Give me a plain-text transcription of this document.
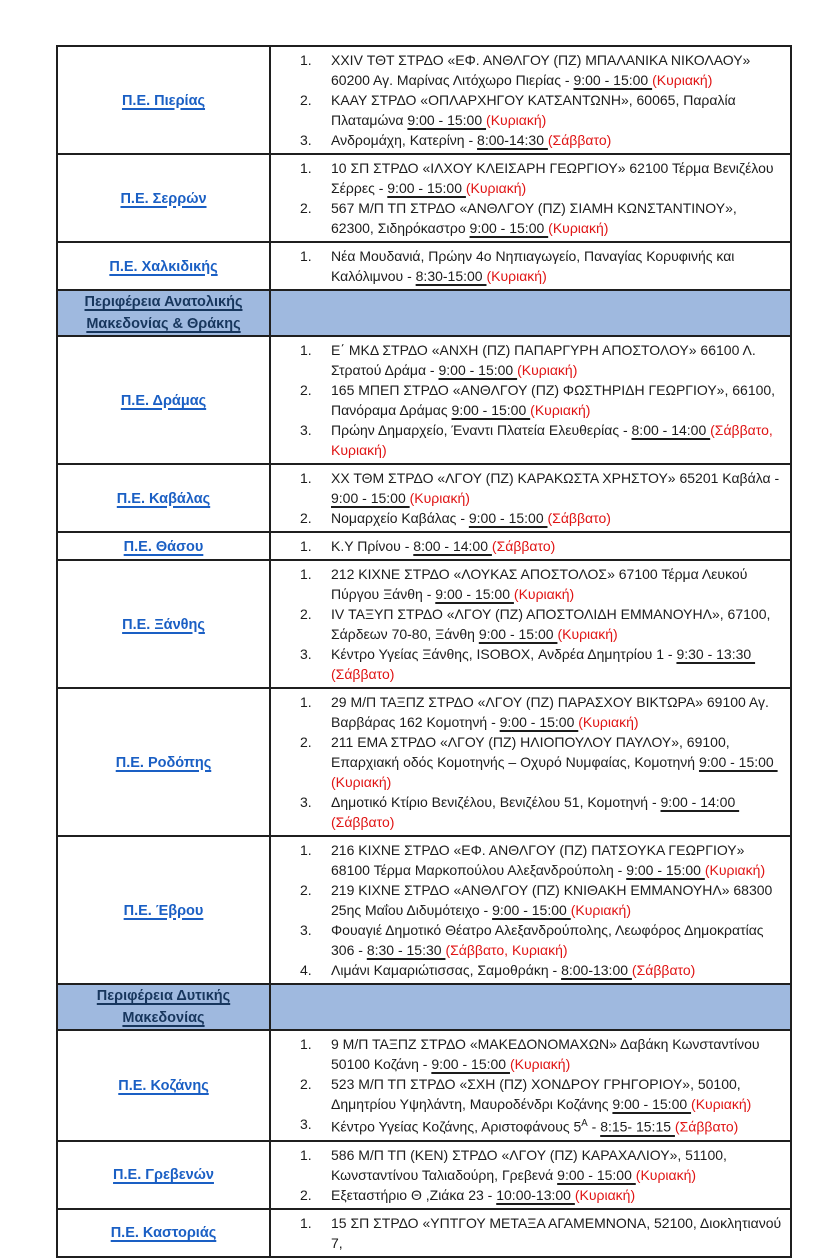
Π.Ε. Πιερίας	
XXIV ΤΘΤ ΣΤΡΔΟ «ΕΦ. ΑΝΘΛΓΟΥ (ΠΖ) ΜΠΑΛΑΝΙΚΑ ΝΙΚΟΛΑΟΥ» 60200 Αγ. Μαρίνας Λιτόχωρο Πιερίας - 9:00 - 15:00 (Κυριακή)
ΚΑΑΥ ΣΤΡΔΟ «ΟΠΛΑΡΧΗΓΟΥ ΚΑΤΣΑΝΤΩΝΗ», 60065, Παραλία Πλαταμώνα 9:00 - 15:00 (Κυριακή)
Ανδρομάχη, Κατερίνη - 8:00-14:30 (Σάββατο)

Π.Ε. Σερρών	
10 ΣΠ ΣΤΡΔΟ «ΙΛΧΟΥ ΚΛΕΙΣΑΡΗ ΓΕΩΡΓΙΟΥ» 62100 Τέρμα Βενιζέλου Σέρρες - 9:00 - 15:00 (Κυριακή)
567 Μ/Π ΤΠ ΣΤΡΔΟ «ΑΝΘΛΓΟΥ (ΠΖ) ΣΙΑΜΗ ΚΩΝΣΤΑΝΤΙΝΟΥ», 62300, Σιδηρόκαστρο 9:00 - 15:00 (Κυριακή)

Π.Ε. Χαλκιδικής	
Νέα Μουδανιά, Πρώην 4ο Νηπιαγωγείο, Παναγίας Κορυφινής και Καλόλιμνου - 8:30-15:00 (Κυριακή)

Περιφέρεια Ανατολικής Μακεδονίας & Θράκης	
Π.Ε. Δράμας	
Ε΄ ΜΚΔ ΣΤΡΔΟ «ΑΝΧΗ (ΠΖ) ΠΑΠΑΡΓΥΡΗ ΑΠΟΣΤΟΛΟΥ» 66100 Λ. Στρατού Δράμα - 9:00 - 15:00 (Κυριακή)
165 ΜΠΕΠ ΣΤΡΔΟ «ΑΝΘΛΓΟΥ (ΠΖ) ΦΩΣΤΗΡΙΔΗ ΓΕΩΡΓΙΟΥ», 66100, Πανόραμα Δράμας 9:00 - 15:00 (Κυριακή)
Πρώην Δημαρχείο, Έναντι Πλατεία Ελευθερίας - 8:00 - 14:00 (Σάββατο, Κυριακή)

Π.Ε. Καβάλας	
ΧΧ ΤΘΜ ΣΤΡΔΟ «ΛΓΟΥ (ΠΖ) ΚΑΡΑΚΩΣΤΑ ΧΡΗΣΤΟΥ» 65201 Καβάλα - 9:00 - 15:00 (Κυριακή)
Νομαρχείο Καβάλας - 9:00 - 15:00 (Σάββατο)

Π.Ε. Θάσου	Κ.Υ Πρίνου - 8:00 - 14:00 (Σάββατο)

Π.Ε. Ξάνθης	
212 ΚΙΧΝΕ ΣΤΡΔΟ «ΛΟΥΚΑΣ ΑΠΟΣΤΟΛΟΣ» 67100 Τέρμα Λευκού Πύργου Ξάνθη - 9:00 - 15:00 (Κυριακή)
IV ΤΑΞΥΠ ΣΤΡΔΟ «ΛΓΟΥ (ΠΖ) ΑΠΟΣΤΟΛΙΔΗ ΕΜΜΑΝΟΥΗΛ», 67100, Σάρδεων 70-80, Ξάνθη 9:00 - 15:00 (Κυριακή)
Κέντρο Υγείας Ξάνθης, ISOBOX, Ανδρέα Δημητρίου 1 - 9:30 - 13:30 (Σάββατο)

Π.Ε. Ροδόπης	
29 Μ/Π ΤΑΞΠΖ ΣΤΡΔΟ «ΛΓΟΥ (ΠΖ) ΠΑΡΑΣΧΟΥ ΒΙΚΤΩΡΑ» 69100 Αγ. Βαρβάρας 162 Κομοτηνή - 9:00 - 15:00 (Κυριακή)
211 ΕΜΑ ΣΤΡΔΟ «ΛΓΟΥ (ΠΖ) ΗΛΙΟΠΟΥΛΟΥ ΠΑΥΛΟΥ», 69100, Επαρχιακή οδός Κομοτηνής – Οχυρό Νυμφαίας, Κομοτηνή 9:00 - 15:00 (Κυριακή)
Δημοτικό Κτίριο Βενιζέλου, Βενιζέλου 51, Κομοτηνή - 9:00 - 14:00 (Σάββατο)

Π.Ε. Έβρου	
216 ΚΙΧΝΕ ΣΤΡΔΟ «ΕΦ. ΑΝΘΛΓΟΥ (ΠΖ) ΠΑΤΣΟΥΚΑ ΓΕΩΡΓΙΟΥ» 68100 Τέρμα Μαρκοπούλου Αλεξανδρούπολη - 9:00 - 15:00 (Κυριακή)
219 ΚΙΧΝΕ ΣΤΡΔΟ «ΑΝΘΛΓΟΥ (ΠΖ) ΚΝΙΘΑΚΗ ΕΜΜΑΝΟΥΗΛ» 68300 25ης Μαΐου Διδυμότειχο - 9:00 - 15:00 (Κυριακή)
Φουαγιέ Δημοτικό Θέατρο Αλεξανδρούπολης, Λεωφόρος Δημοκρατίας 306 - 8:30 - 15:30 (Σάββατο, Κυριακή)
Λιμάνι Καμαριώτισσας, Σαμοθράκη - 8:00-13:00 (Σάββατο)

Περιφέρεια Δυτικής Μακεδονίας	
Π.Ε. Κοζάνης	
9 Μ/Π ΤΑΞΠΖ ΣΤΡΔΟ «ΜΑΚΕΔΟΝΟΜΑΧΩΝ» Δαβάκη Κωνσταντίνου 50100 Κοζάνη - 9:00 - 15:00 (Κυριακή)
523 Μ/Π ΤΠ ΣΤΡΔΟ «ΣΧΗ (ΠΖ) ΧΟΝΔΡΟΥ ΓΡΗΓΟΡΙΟΥ», 50100, Δημητρίου Υψηλάντη, Μαυροδένδρι Κοζάνης 9:00 - 15:00 (Κυριακή)
Κέντρο Υγείας Κοζάνης, Αριστοφάνους $5^A$ - 8:15- 15:15 (Σάββατο)

Π.Ε. Γρεβενών	
586 Μ/Π ΤΠ (ΚΕΝ) ΣΤΡΔΟ «ΛΓΟΥ (ΠΖ) ΚΑΡΑΧΑΛΙΟΥ», 51100, Κωνσταντίνου Ταλιαδούρη, Γρεβενά 9:00 - 15:00 (Κυριακή)
Εξεταστήριο Θ ,Ζιάκα 23 - 10:00-13:00 (Κυριακή)

Π.Ε. Καστοριάς	
15 ΣΠ ΣΤΡΔΟ «ΥΠΤΓΟΥ ΜΕΤΑΞΑ ΑΓΑΜΕΜΝΟΝΑ, 52100, Διοκλητιανού 7,
